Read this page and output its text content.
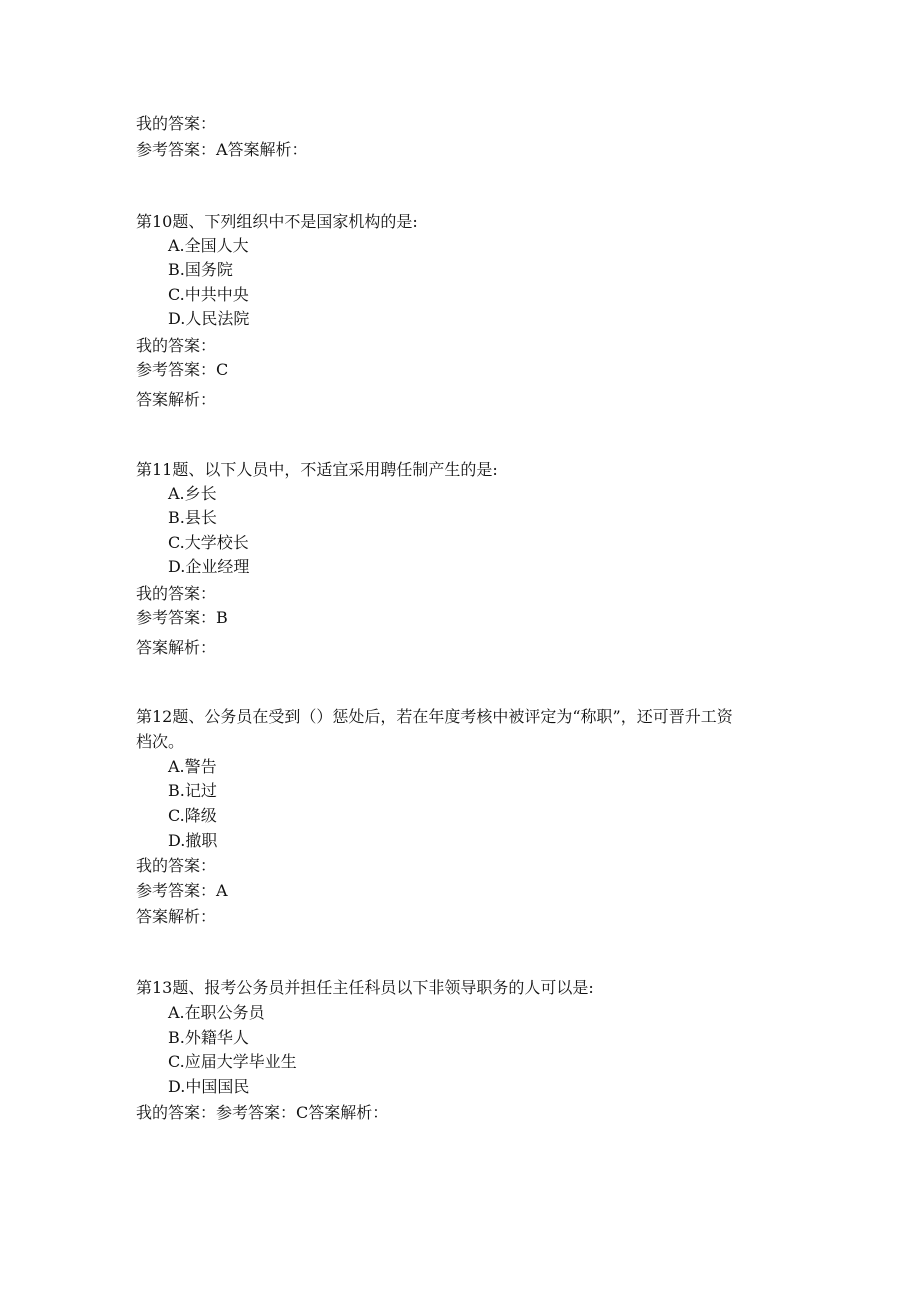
我的答案：
参考答案：A答案解析：
第10题、下列组织中不是国家机构的是:
A.全国人大
B.国务院
C.中共中央
D.人民法院
我的答案：
参考答案：C
答案解析：
第11题、以下人员中，不适宜采用聘任制产生的是:
A.乡长
B.县长
C.大学校长
D.企业经理
我的答案：
参考答案：B
答案解析：
第12题、公务员在受到（）惩处后，若在年度考核中被评定为“称职”，还可晋升工资
档次。
A.警告
B.记过
C.降级
D.撤职
我的答案：
参考答案：A
答案解析：
第13题、报考公务员并担任主任科员以下非领导职务的人可以是:
A.在职公务员
B.外籍华人
C.应届大学毕业生
D.中国国民
我的答案：参考答案：C答案解析：
